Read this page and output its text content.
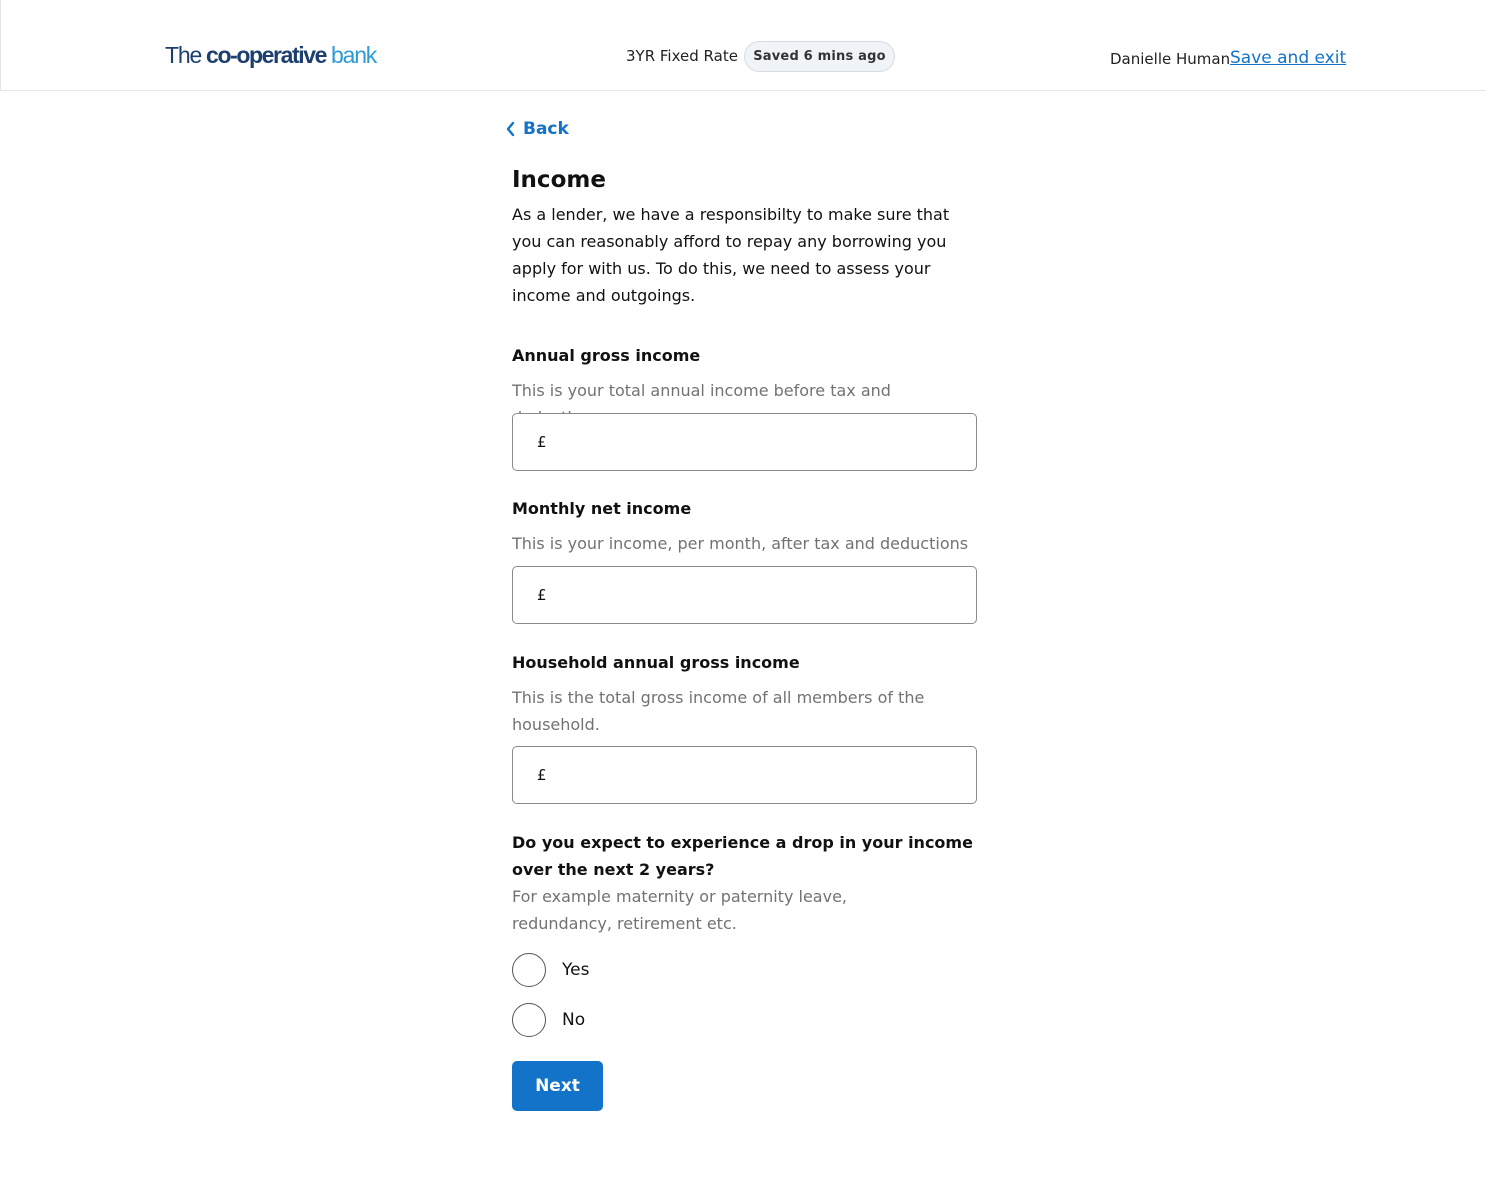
The co-operative bank	3YR Fixed Rate	Saved 6 mins ago	Danielle Human Save and exit
Back
Income

As a lender, we have a responsibilty to make sure that you can reasonably afford to repay any borrowing you apply for with us. To do this, we need to assess your income and outgoings.

Annual gross income

This is your total annual income before tax and

£

Monthly net income

This is your income, per month, after tax and deductions

£

Household annual gross income

This is the total gross income of all members of the household.

£

Do you expect to experience a drop in your income over the next 2 years?

For example maternity or paternity leave, redundancy, retirement etc.

Yes
No
Next
